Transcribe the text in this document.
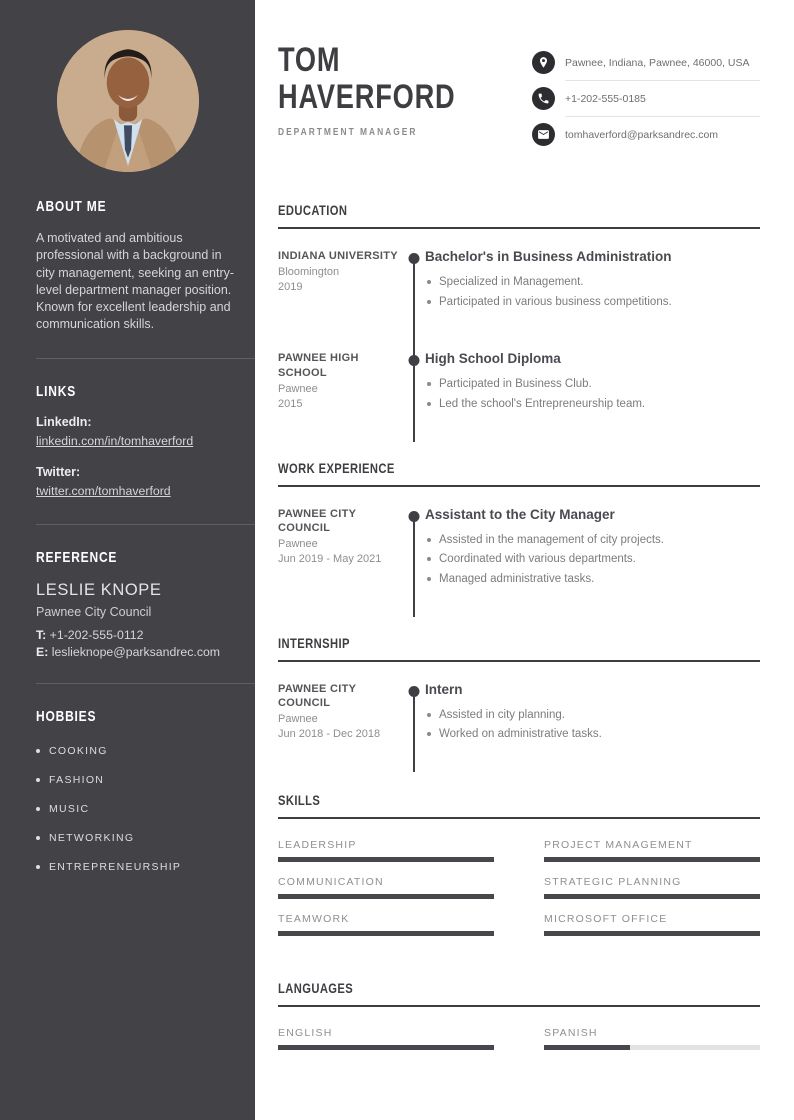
ABOUT ME

A motivated and ambitious professional with a background in city management, seeking an entry-level department manager position. Known for excellent leadership and communication skills.

LINKS
LinkedIn:
linkedin.com/in/tomhaverford
Twitter:
twitter.com/tomhaverford
REFERENCE
LESLIE KNOPE
Pawnee City Council
T: +1-202-555-0112
E: leslieknope@parksandrec.com
HOBBIES
COOKING
FASHION
MUSIC
NETWORKING
ENTREPRENEURSHIP
TOM
HAVERFORD
DEPARTMENT MANAGER
Pawnee, Indiana, Pawnee, 46000, USA
+1-202-555-0185
tomhaverford@parksandrec.com
EDUCATION
INDIANA UNIVERSITY
Bloomington
2019
Bachelor's in Business Administration
Specialized in Management.
Participated in various business competitions.
PAWNEE HIGH SCHOOL
Pawnee
2015
High School Diploma
Participated in Business Club.
Led the school's Entrepreneurship team.
WORK EXPERIENCE
PAWNEE CITY COUNCIL
Pawnee
Jun 2019 - May 2021
Assistant to the City Manager
Assisted in the management of city projects.
Coordinated with various departments.
Managed administrative tasks.
INTERNSHIP
PAWNEE CITY COUNCIL
Pawnee
Jun 2018 - Dec 2018
Intern
Assisted in city planning.
Worked on administrative tasks.
SKILLS
LEADERSHIP	PROJECT MANAGEMENT
COMMUNICATION	STRATEGIC PLANNING
TEAMWORK	MICROSOFT OFFICE
LANGUAGES
ENGLISH	SPANISH
